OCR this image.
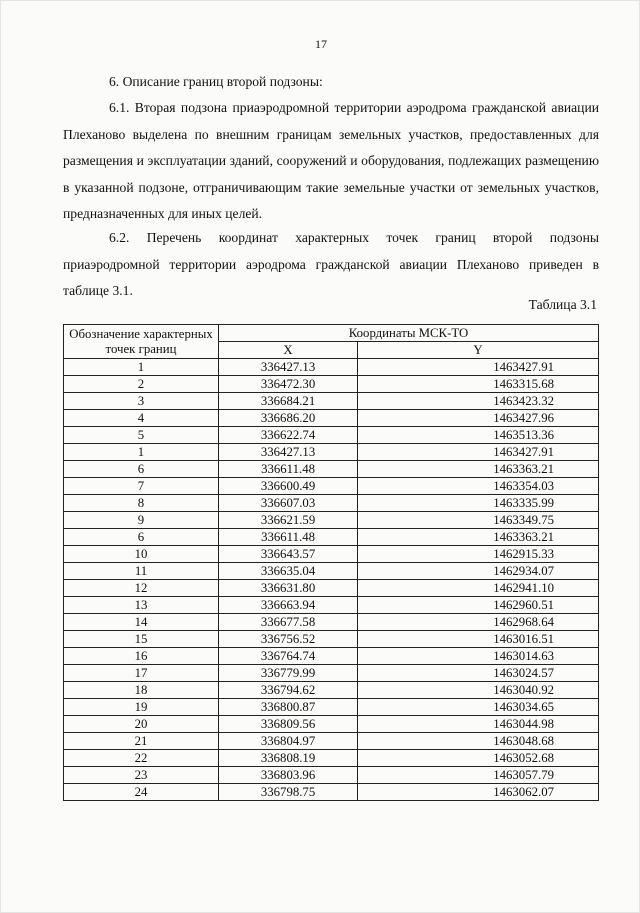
17
6. Описание границ второй подзоны:

6.1. Вторая подзона приаэродромной территории аэродрома гражданской авиации Плеханово выделена по внешним границам земельных участков, предоставленных для размещения и эксплуатации зданий, сооружений и оборудования, подлежащих размещению в указанной подзоне, отграничивающим такие земельные участки от земельных участков, предназначенных для иных целей.

6.2. Перечень координат характерных точек границ второй подзоны приаэродромной территории аэродрома гражданской авиации Плеханово приведен в таблице 3.1.

Таблица 3.1
Обозначение характерных точек границ	Координаты МСК-ТО	
	X	Y
1	336427.13	1463427.91
2	336472.30	1463315.68
3	336684.21	1463423.32
4	336686.20	1463427.96
5	336622.74	1463513.36
1	336427.13	1463427.91
6	336611.48	1463363.21
7	336600.49	1463354.03
8	336607.03	1463335.99
9	336621.59	1463349.75
6	336611.48	1463363.21
10	336643.57	1462915.33
11	336635.04	1462934.07
12	336631.80	1462941.10
13	336663.94	1462960.51
14	336677.58	1462968.64
15	336756.52	1463016.51
16	336764.74	1463014.63
17	336779.99	1463024.57
18	336794.62	1463040.92
19	336800.87	1463034.65
20	336809.56	1463044.98
21	336804.97	1463048.68
22	336808.19	1463052.68
23	336803.96	1463057.79
24	336798.75	1463062.07
